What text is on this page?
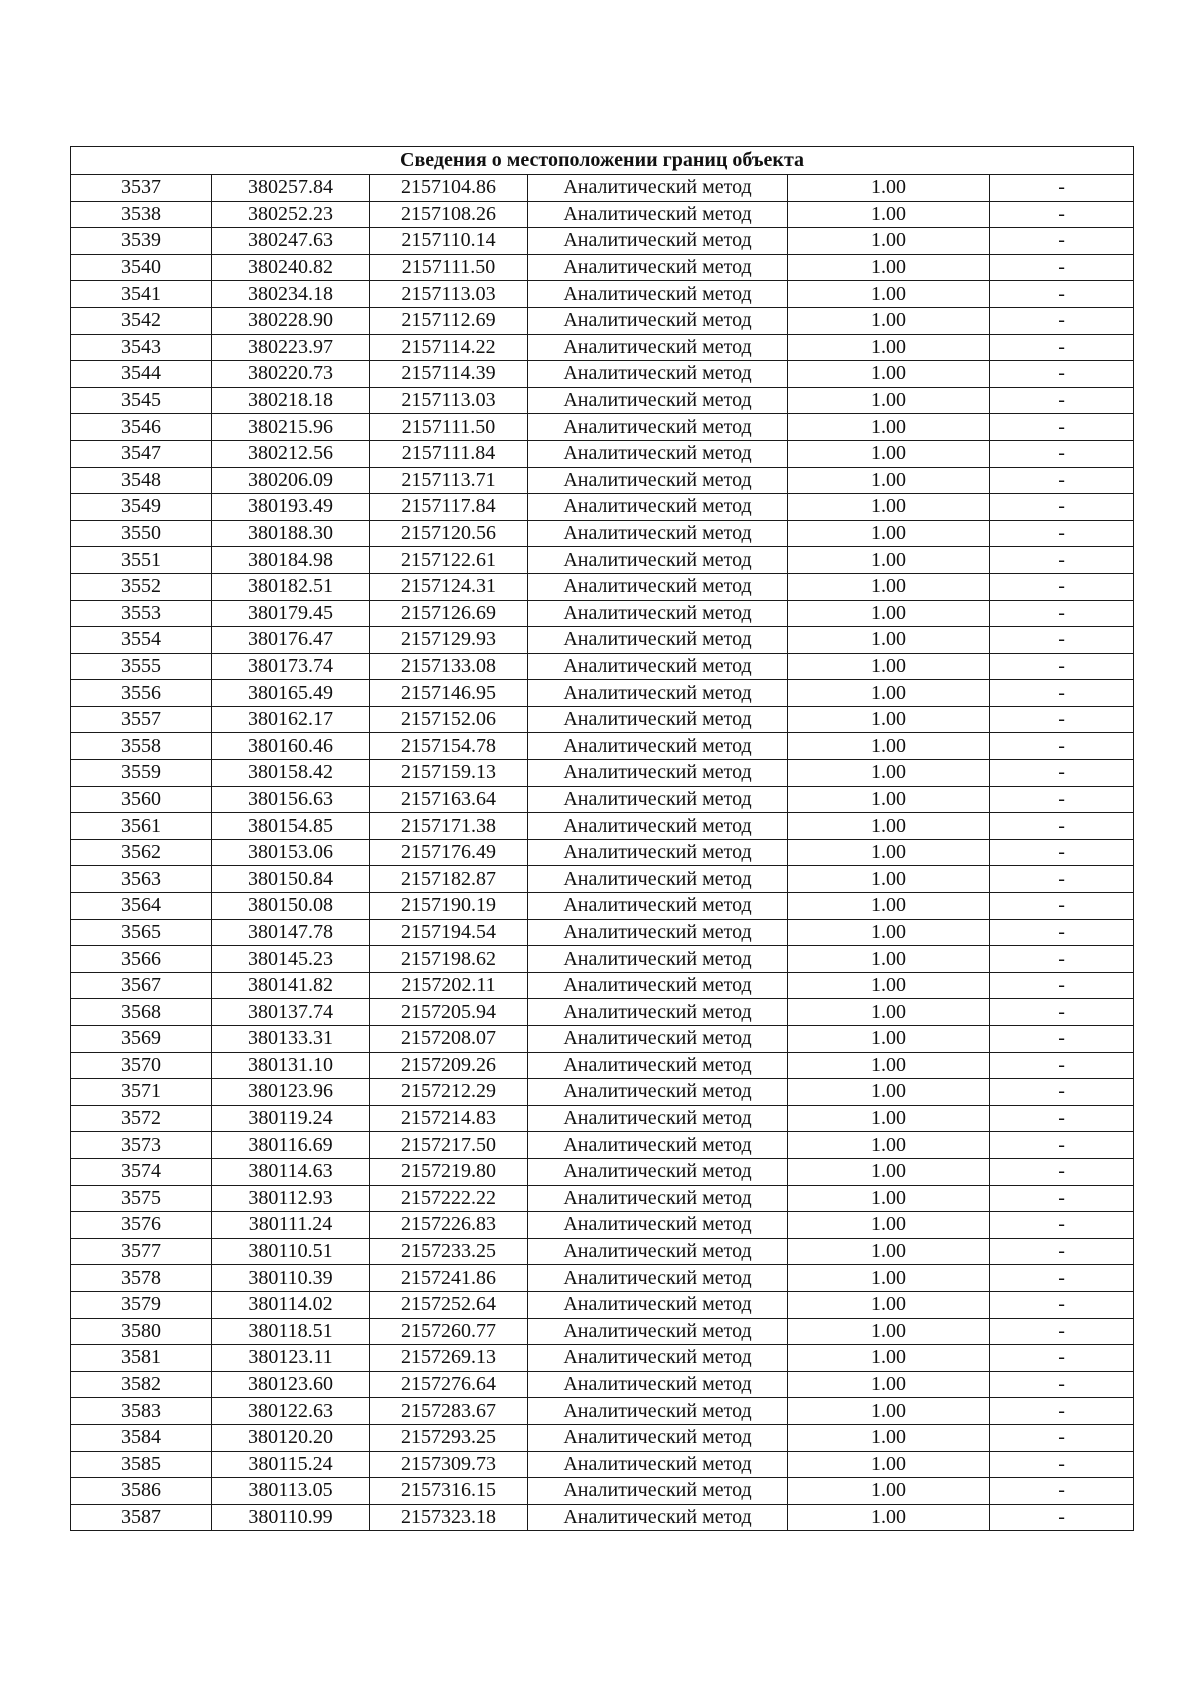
Сведения о местоположении границ объекта					
3537	380257.84	2157104.86	Аналитический метод	1.00	-
3538	380252.23	2157108.26	Аналитический метод	1.00	-
3539	380247.63	2157110.14	Аналитический метод	1.00	-
3540	380240.82	2157111.50	Аналитический метод	1.00	-
3541	380234.18	2157113.03	Аналитический метод	1.00	-
3542	380228.90	2157112.69	Аналитический метод	1.00	-
3543	380223.97	2157114.22	Аналитический метод	1.00	-
3544	380220.73	2157114.39	Аналитический метод	1.00	-
3545	380218.18	2157113.03	Аналитический метод	1.00	-
3546	380215.96	2157111.50	Аналитический метод	1.00	-
3547	380212.56	2157111.84	Аналитический метод	1.00	-
3548	380206.09	2157113.71	Аналитический метод	1.00	-
3549	380193.49	2157117.84	Аналитический метод	1.00	-
3550	380188.30	2157120.56	Аналитический метод	1.00	-
3551	380184.98	2157122.61	Аналитический метод	1.00	-
3552	380182.51	2157124.31	Аналитический метод	1.00	-
3553	380179.45	2157126.69	Аналитический метод	1.00	-
3554	380176.47	2157129.93	Аналитический метод	1.00	-
3555	380173.74	2157133.08	Аналитический метод	1.00	-
3556	380165.49	2157146.95	Аналитический метод	1.00	-
3557	380162.17	2157152.06	Аналитический метод	1.00	-
3558	380160.46	2157154.78	Аналитический метод	1.00	-
3559	380158.42	2157159.13	Аналитический метод	1.00	-
3560	380156.63	2157163.64	Аналитический метод	1.00	-
3561	380154.85	2157171.38	Аналитический метод	1.00	-
3562	380153.06	2157176.49	Аналитический метод	1.00	-
3563	380150.84	2157182.87	Аналитический метод	1.00	-
3564	380150.08	2157190.19	Аналитический метод	1.00	-
3565	380147.78	2157194.54	Аналитический метод	1.00	-
3566	380145.23	2157198.62	Аналитический метод	1.00	-
3567	380141.82	2157202.11	Аналитический метод	1.00	-
3568	380137.74	2157205.94	Аналитический метод	1.00	-
3569	380133.31	2157208.07	Аналитический метод	1.00	-
3570	380131.10	2157209.26	Аналитический метод	1.00	-
3571	380123.96	2157212.29	Аналитический метод	1.00	-
3572	380119.24	2157214.83	Аналитический метод	1.00	-
3573	380116.69	2157217.50	Аналитический метод	1.00	-
3574	380114.63	2157219.80	Аналитический метод	1.00	-
3575	380112.93	2157222.22	Аналитический метод	1.00	-
3576	380111.24	2157226.83	Аналитический метод	1.00	-
3577	380110.51	2157233.25	Аналитический метод	1.00	-
3578	380110.39	2157241.86	Аналитический метод	1.00	-
3579	380114.02	2157252.64	Аналитический метод	1.00	-
3580	380118.51	2157260.77	Аналитический метод	1.00	-
3581	380123.11	2157269.13	Аналитический метод	1.00	-
3582	380123.60	2157276.64	Аналитический метод	1.00	-
3583	380122.63	2157283.67	Аналитический метод	1.00	-
3584	380120.20	2157293.25	Аналитический метод	1.00	-
3585	380115.24	2157309.73	Аналитический метод	1.00	-
3586	380113.05	2157316.15	Аналитический метод	1.00	-
3587	380110.99	2157323.18	Аналитический метод	1.00	-
